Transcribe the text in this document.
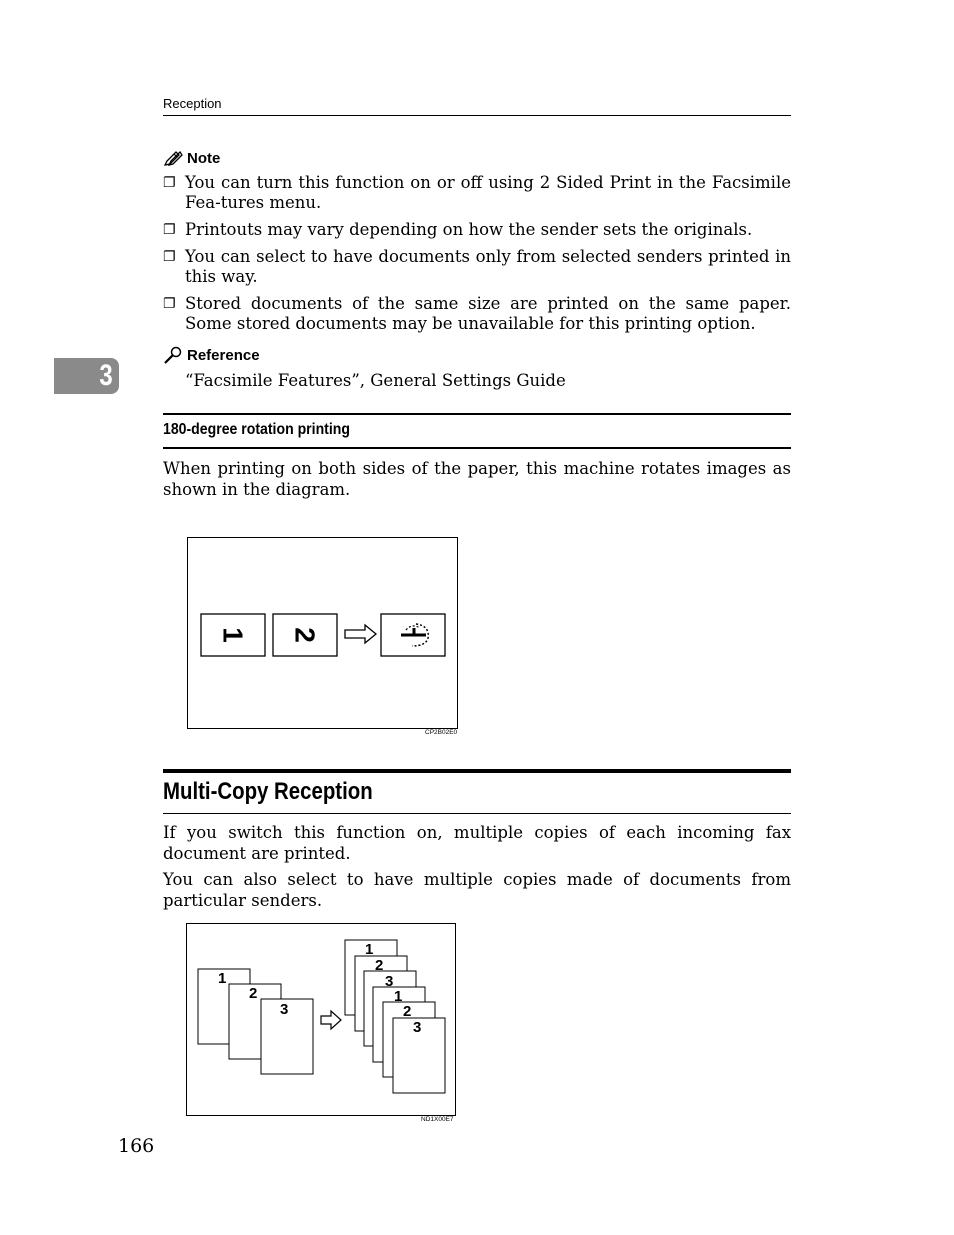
Reception
3
Note
❐ You can turn this function on or off using 2 Sided Print in the Facsimile Fea-tures menu.
❐ Printouts may vary depending on how the sender sets the originals.
❐ You can select to have documents only from selected senders printed in this way.
❐ Stored documents of the same size are printed on the same paper. Some stored documents may be unavailable for this printing option.
Reference
“Facsimile Features”, General Settings Guide
180-degree rotation printing
When printing on both sides of the paper, this machine rotates images as shown in the diagram.
1 2
CP2B02E0
Multi-Copy Reception
If you switch this function on, multiple copies of each incoming fax document are printed.
You can also select to have multiple copies made of documents from particular senders.
1
2
3
1
2
3
1
2
3
ND1X00E7
166
